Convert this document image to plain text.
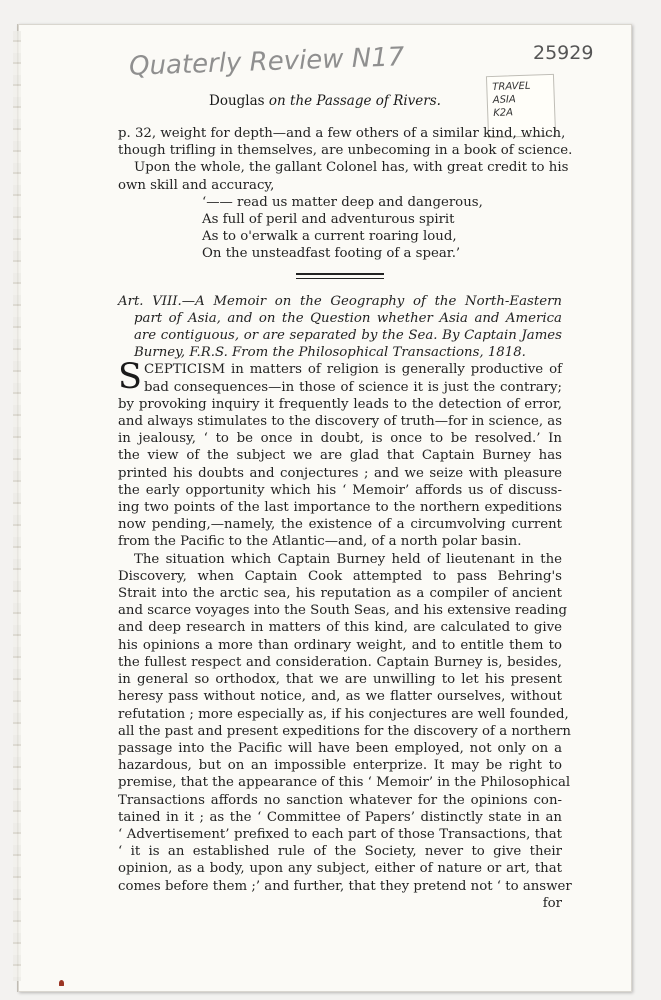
Quaterly Review N17	25929
TRAVEL
ASIA
K2A
Douglas on the Passage of Rivers.
p. 32, weight for depth—and a few others of a similar kind, which,
though trifling in themselves, are unbecoming in a book of science.
Upon the whole, the gallant Colonel has, with great credit to his
own skill and accuracy,
‘—— read us matter deep and dangerous,
As full of peril and adventurous spirit
As to o'erwalk a current roaring loud,
On the unsteadfast footing of a spear.’
Art. VIII.—A Memoir on the Geography of the North-Eastern
part of Asia, and on the Question whether Asia and America
are contiguous, or are separated by the Sea. By Captain James
Burney, F.R.S. From the Philosophical Transactions, 1818.
S CEPTICISM in matters of religion is generally productive of
bad consequences—in those of science it is just the contrary;
by provoking inquiry it frequently leads to the detection of error,
and always stimulates to the discovery of truth—for in science, as
in jealousy, ‘ to be once in doubt, is once to be resolved.’ In
the view of the subject we are glad that Captain Burney has
printed his doubts and conjectures ; and we seize with pleasure
the early opportunity which his ‘ Memoir’ affords us of discuss-
ing two points of the last importance to the northern expeditions
now pending,—namely, the existence of a circumvolving current
from the Pacific to the Atlantic—and, of a north polar basin.
The situation which Captain Burney held of lieutenant in the
Discovery, when Captain Cook attempted to pass Behring's
Strait into the arctic sea, his reputation as a compiler of ancient
and scarce voyages into the South Seas, and his extensive reading
and deep research in matters of this kind, are calculated to give
his opinions a more than ordinary weight, and to entitle them to
the fullest respect and consideration. Captain Burney is, besides,
in general so orthodox, that we are unwilling to let his present
heresy pass without notice, and, as we flatter ourselves, without
refutation ; more especially as, if his conjectures are well founded,
all the past and present expeditions for the discovery of a northern
passage into the Pacific will have been employed, not only on a
hazardous, but on an impossible enterprize. It may be right to
premise, that the appearance of this ‘ Memoir’ in the Philosophical
Transactions affords no sanction whatever for the opinions con-
tained in it ; as the ‘ Committee of Papers’ distinctly state in an
‘ Advertisement’ prefixed to each part of those Transactions, that
‘ it is an established rule of the Society, never to give their
opinion, as a body, upon any subject, either of nature or art, that
comes before them ;’ and further, that they pretend not ‘ to answer
for
